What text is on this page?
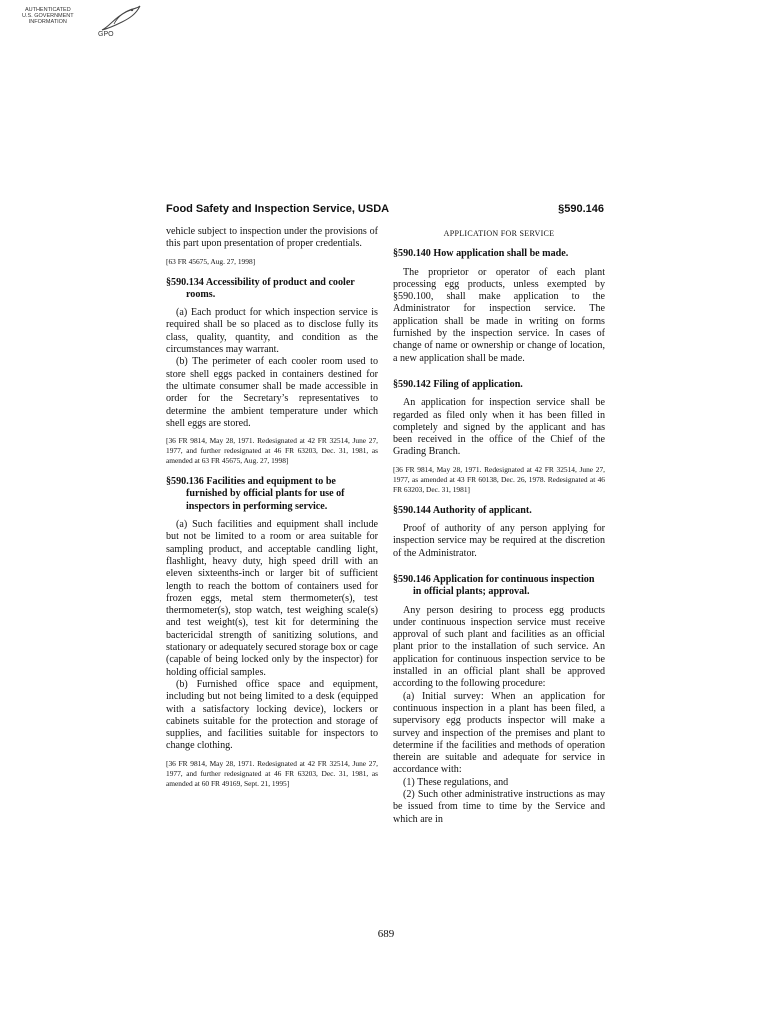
AUTHENTICATED
U.S. GOVERNMENT
INFORMATION
GPO
Food Safety and Inspection Service, USDA	§590.146

vehicle subject to inspection under the provisions of this part upon presentation of proper credentials.

[63 FR 45675, Aug. 27, 1998]

§590.134 Accessibility of product and cooler rooms.

(a) Each product for which inspection service is required shall be so placed as to disclose fully its class, quality, quantity, and condition as the circumstances may warrant.

(b) The perimeter of each cooler room used to store shell eggs packed in containers destined for the ultimate consumer shall be made accessible in order for the Secretary’s representatives to determine the ambient temperature under which shell eggs are stored.

[36 FR 9814, May 28, 1971. Redesignated at 42 FR 32514, June 27, 1977, and further redesignated at 46 FR 63203, Dec. 31, 1981, as amended at 63 FR 45675, Aug. 27, 1998]

§590.136 Facilities and equipment to be furnished by official plants for use of inspectors in performing service.

(a) Such facilities and equipment shall include but not be limited to a room or area suitable for sampling product, and acceptable candling light, flashlight, heavy duty, high speed drill with an eleven sixteenths-inch or larger bit of sufficient length to reach the bottom of containers used for frozen eggs, metal stem thermometer(s), test thermometer(s), stop watch, test weighing scale(s) and test weight(s), test kit for determining the bactericidal strength of sanitizing solutions, and stationary or adequately secured storage box or cage (capable of being locked only by the inspector) for holding official samples.

(b) Furnished office space and equipment, including but not being limited to a desk (equipped with a satisfactory locking device), lockers or cabinets suitable for the protection and storage of supplies, and facilities suitable for inspectors to change clothing.

[36 FR 9814, May 28, 1971. Redesignated at 42 FR 32514, June 27, 1977, and further redesignated at 46 FR 63203, Dec. 31, 1981, as amended at 60 FR 49169, Sept. 21, 1995]

APPLICATION FOR SERVICE
§590.140 How application shall be made.

The proprietor or operator of each plant processing egg products, unless exempted by §590.100, shall make application to the Administrator for inspection service. The application shall be made in writing on forms furnished by the inspection service. In cases of change of name or ownership or change of location, a new application shall be made.

§590.142 Filing of application.

An application for inspection service shall be regarded as filed only when it has been filled in completely and signed by the applicant and has been received in the office of the Chief of the Grading Branch.

[36 FR 9814, May 28, 1971. Redesignated at 42 FR 32514, June 27, 1977, as amended at 43 FR 60138, Dec. 26, 1978. Redesignated at 46 FR 63203, Dec. 31, 1981]

§590.144 Authority of applicant.

Proof of authority of any person applying for inspection service may be required at the discretion of the Administrator.

§590.146 Application for continuous inspection in official plants; approval.

Any person desiring to process egg products under continuous inspection service must receive approval of such plant and facilities as an official plant prior to the installation of such service. An application for continuous inspection service to be installed in an official plant shall be approved according to the following procedure:

(a) Initial survey: When an application for continuous inspection in a plant has been filed, a supervisory egg products inspector will make a survey and inspection of the premises and plant to determine if the facilities and methods of operation therein are suitable and adequate for service in accordance with:

(1) These regulations, and

(2) Such other administrative instructions as may be issued from time to time by the Service and which are in

689
